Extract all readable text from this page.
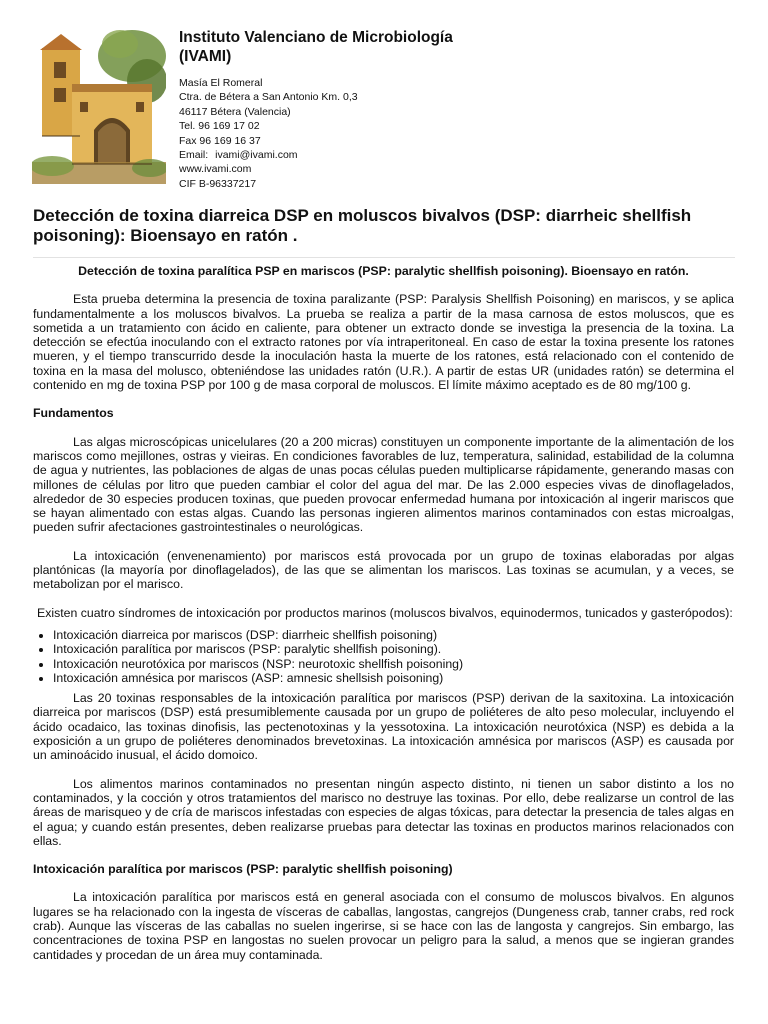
Instituto Valenciano de Microbiología
(IVAMI)

Masía El Romeral
Ctra. de Bétera a San Antonio Km. 0,3
46117 Bétera (Valencia)
Tel. 96 169 17 02
Fax 96 169 16 37
Email: ivami@ivami.com
www.ivami.com
CIF B-96337217
Detección de toxina diarreica DSP en moluscos bivalvos (DSP: diarrheic shellfish poisoning): Bioensayo en ratón .

Detección de toxina paralítica PSP en mariscos (PSP: paralytic shellfish poisoning). Bioensayo en ratón.

Esta prueba determina la presencia de toxina paralizante (PSP: Paralysis Shellfish Poisoning) en mariscos, y se aplica fundamentalmente a los moluscos bivalvos. La prueba se realiza a partir de la masa carnosa de estos moluscos, que es sometida a un tratamiento con ácido en caliente, para obtener un extracto donde se investiga la presencia de la toxina. La detección se efectúa inoculando con el extracto ratones por vía intraperitoneal. En caso de estar la toxina presente los ratones mueren, y el tiempo transcurrido desde la inoculación hasta la muerte de los ratones, está relacionado con el contenido de toxina en la masa del molusco, obteniéndose las unidades ratón (U.R.). A partir de estas UR (unidades ratón) se determina el contenido en mg de toxina PSP por 100 g de masa corporal de moluscos. El límite máximo aceptado es de 80 mg/100 g.

Fundamentos

Las algas microscópicas unicelulares (20 a 200 micras) constituyen un componente importante de la alimentación de los mariscos como mejillones, ostras y vieiras. En condiciones favorables de luz, temperatura, salinidad, estabilidad de la columna de agua y nutrientes, las poblaciones de algas de unas pocas células pueden multiplicarse rápidamente, generando masas con millones de células por litro que pueden cambiar el color del agua del mar. De las 2.000 especies vivas de dinoflagelados, alrededor de 30 especies producen toxinas, que pueden provocar enfermedad humana por intoxicación al ingerir mariscos que se hayan alimentado con estas algas. Cuando las personas ingieren alimentos marinos contaminados con estas microalgas, pueden sufrir afectaciones gastrointestinales o neurológicas.

La intoxicación (envenenamiento) por mariscos está provocada por un grupo de toxinas elaboradas por algas plantónicas (la mayoría por dinoflagelados), de las que se alimentan los mariscos. Las toxinas se acumulan, y a veces, se metabolizan por el marisco.

Existen cuatro síndromes de intoxicación por productos marinos (moluscos bivalvos, equinodermos, tunicados y gasterópodos):

• Intoxicación diarreica por mariscos (DSP: diarrheic shellfish poisoning)
• Intoxicación paralítica por mariscos (PSP: paralytic shellfish poisoning).
• Intoxicación neurotóxica por mariscos (NSP: neurotoxic shellfish poisoning)
• Intoxicación amnésica por mariscos (ASP: amnesic shellsish poisoning)

Las 20 toxinas responsables de la intoxicación paralítica por mariscos (PSP) derivan de la saxitoxina. La intoxicación diarreica por mariscos (DSP) está presumiblemente causada por un grupo de poliéteres de alto peso molecular, incluyendo el ácido ocadaico, las toxinas dinofisis, las pectenotoxinas y la yessotoxina. La intoxicación neurotóxica (NSP) es debida a la exposición a un grupo de poliéteres denominados brevetoxinas. La intoxicación amnésica por mariscos (ASP) es causada por un aminoácido inusual, el ácido domoico.

Los alimentos marinos contaminados no presentan ningún aspecto distinto, ni tienen un sabor distinto a los no contaminados, y la cocción y otros tratamientos del marisco no destruye las toxinas. Por ello, debe realizarse un control de las áreas de marisqueo y de cría de mariscos infestadas con especies de algas tóxicas, para detectar la presencia de tales algas en el agua; y cuando están presentes, deben realizarse pruebas para detectar las toxinas en productos marinos relacionados con ellas.

Intoxicación paralítica por mariscos (PSP: paralytic shellfish poisoning)

La intoxicación paralítica por mariscos está en general asociada con el consumo de moluscos bivalvos. En algunos lugares se ha relacionado con la ingesta de vísceras de caballas, langostas, cangrejos (Dungeness crab, tanner crabs, red rock crab). Aunque las vísceras de las caballas no suelen ingerirse, si se hace con las de langosta y cangrejos. Sin embargo, las concentraciones de toxina PSP en langostas no suelen provocar un peligro para la salud, a menos que se ingieran grandes cantidades y procedan de un área muy contaminada.
